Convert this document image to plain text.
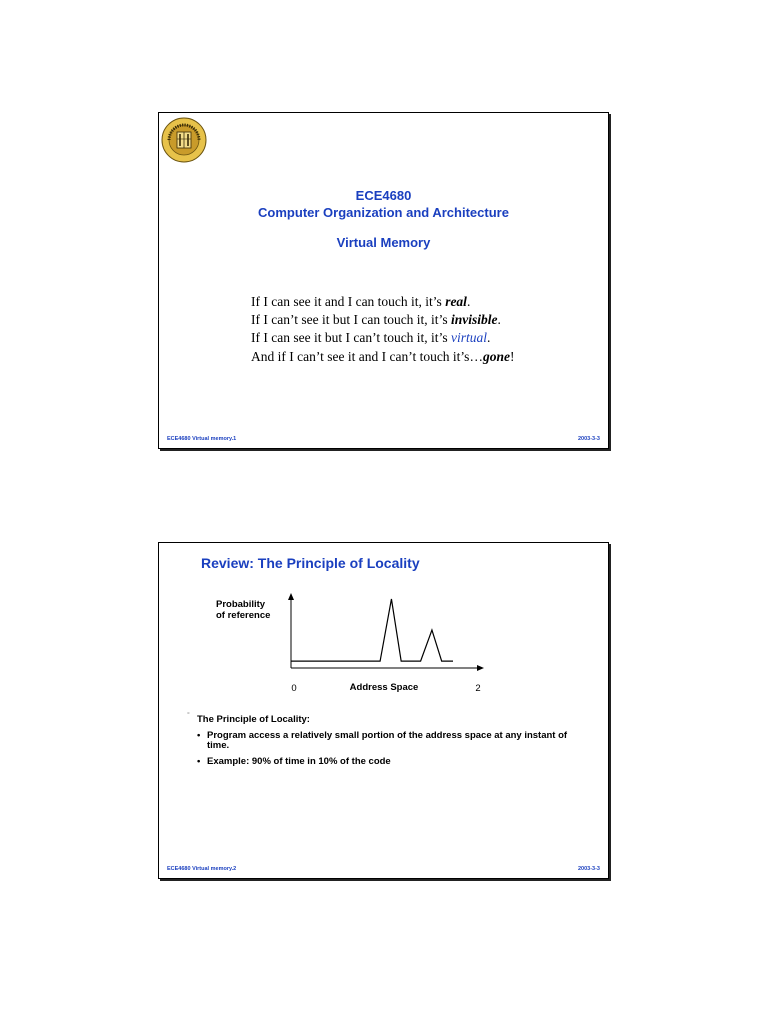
ECE4680
Computer Organization and Architecture
Virtual Memory
If I can see it and I can touch it, it’s real.
If I can’t see it but I can touch it, it’s invisible.
If I can see it but I can’t touch it, it’s virtual.
And if I can’t see it and I can’t touch it’s…gone!
ECE4680 Virtual memory.1	2003-3-3
Review: The Principle of Locality
Probability
of reference
0	Address Space	2
° The Principle of Locality:
• Program access a relatively small portion of the address space at any instant of time.
• Example: 90% of time in 10% of the code
ECE4680 Virtual memory.2	2003-3-3
